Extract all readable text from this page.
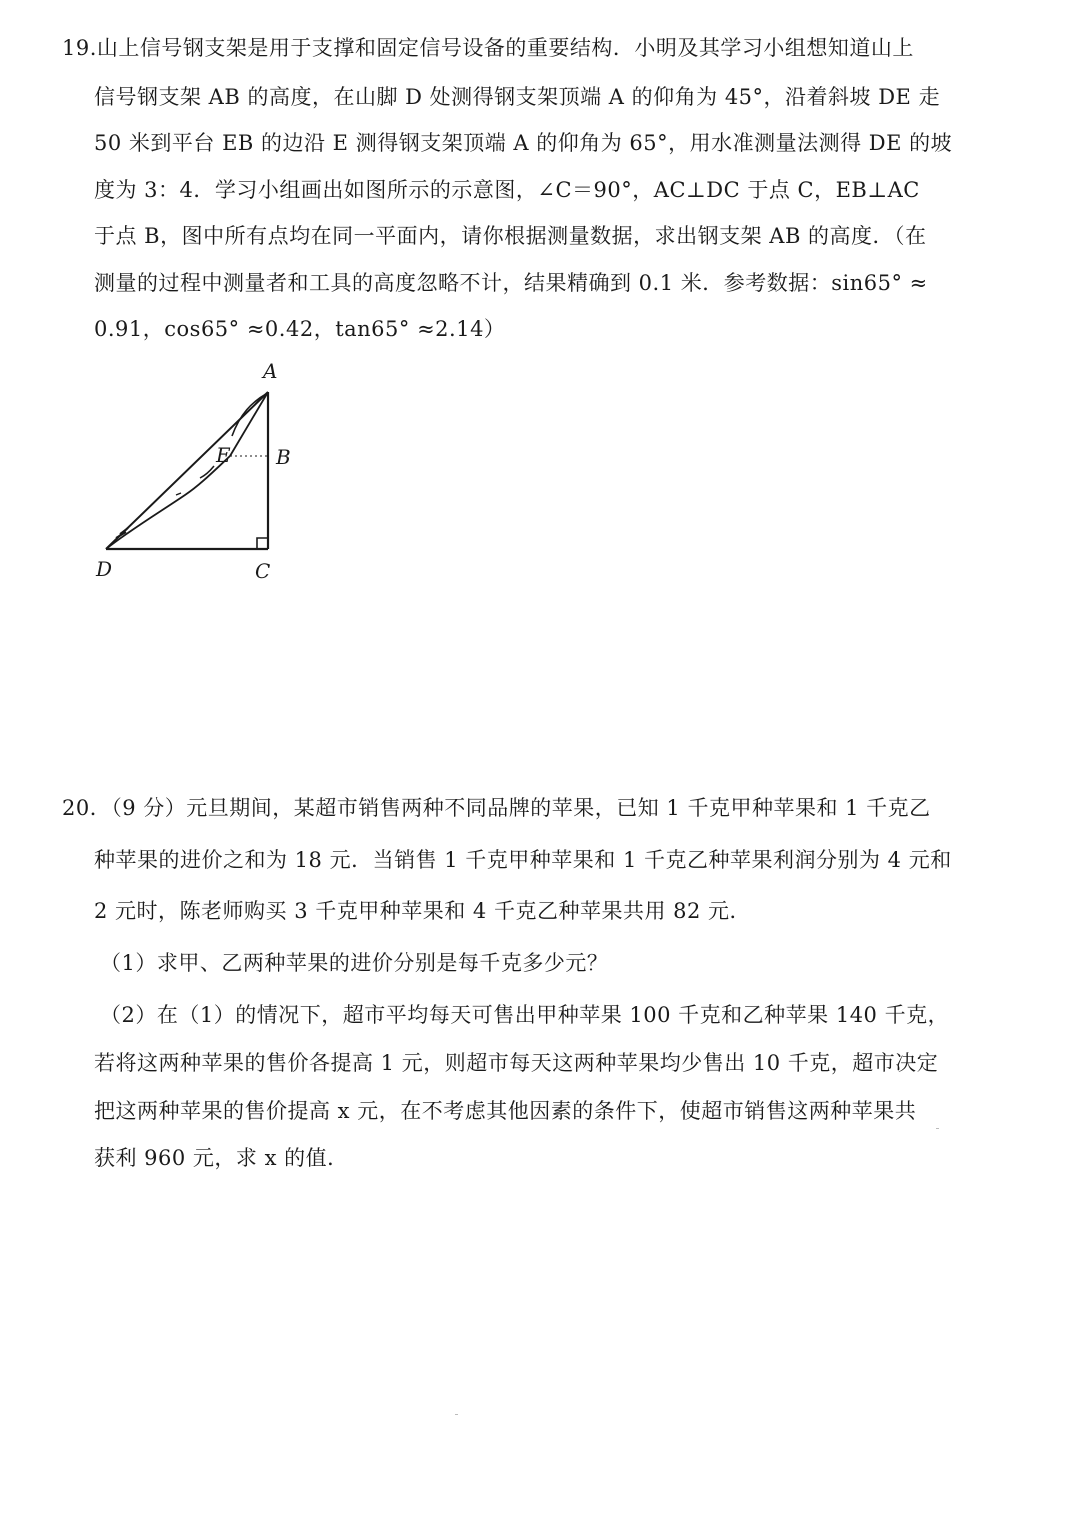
19.山上信号钢支架是用于支撑和固定信号设备的重要结构．小明及其学习小组想知道山上
信号钢支架 AB 的高度，在山脚 D 处测得钢支架顶端 A 的仰角为 45°，沿着斜坡 DE 走
50 米到平台 EB 的边沿 E 测得钢支架顶端 A 的仰角为 65°，用水准测量法测得 DE 的坡
度为 3：4．学习小组画出如图所示的示意图，∠C＝90°，AC⊥DC 于点 C，EB⊥AC
于点 B，图中所有点均在同一平面内，请你根据测量数据，求出钢支架 AB 的高度．（在
测量的过程中测量者和工具的高度忽略不计，结果精确到 0.1 米．参考数据：sin65° ≈
0.91，cos65° ≈0.42，tan65° ≈2.14）
A
B
C
D
E
20．（9 分）元旦期间，某超市销售两种不同品牌的苹果，已知 1 千克甲种苹果和 1 千克乙
种苹果的进价之和为 18 元．当销售 1 千克甲种苹果和 1 千克乙种苹果利润分别为 4 元和
2 元时，陈老师购买 3 千克甲种苹果和 4 千克乙种苹果共用 82 元．
（1）求甲、乙两种苹果的进价分别是每千克多少元？
（2）在（1）的情况下，超市平均每天可售出甲种苹果 100 千克和乙种苹果 140 千克，
若将这两种苹果的售价各提高 1 元，则超市每天这两种苹果均少售出 10 千克，超市决定
把这两种苹果的售价提高 x 元，在不考虑其他因素的条件下，使超市销售这两种苹果共
获利 960 元，求 x 的值．
